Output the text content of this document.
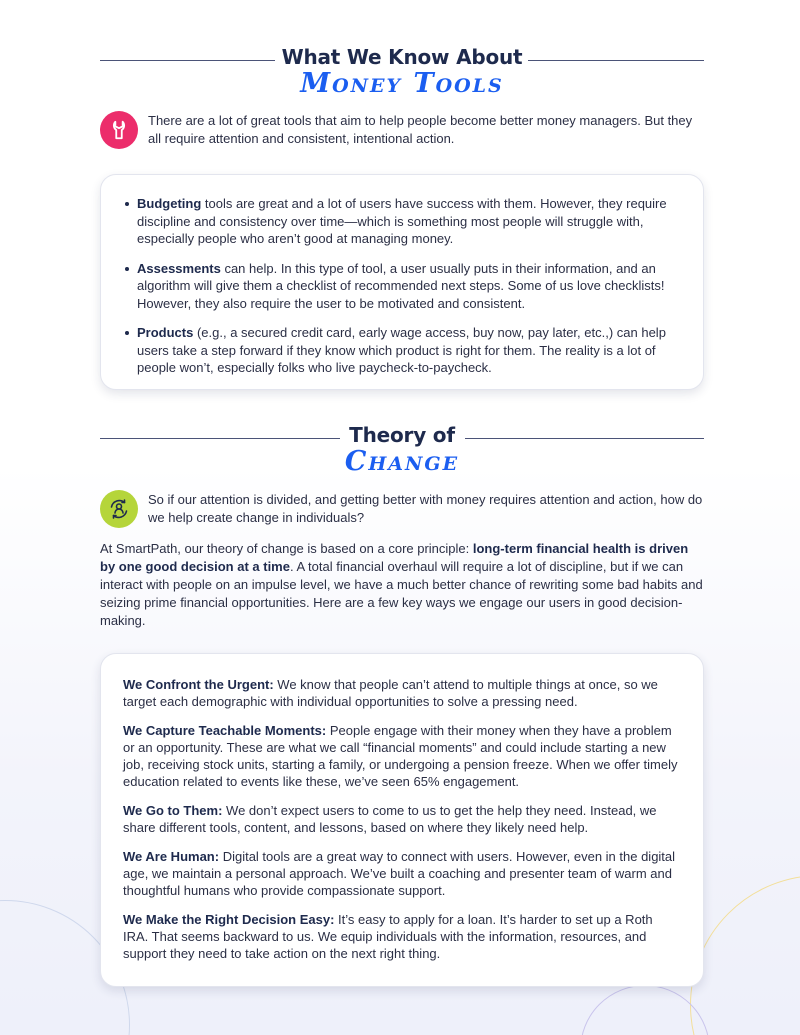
What We Know About
Money Tools

There are a lot of great tools that aim to help people become better money managers. But they all require attention and consistent, intentional action.

Budgeting tools are great and a lot of users have success with them. However, they require discipline and consistency over time—which is something most people will struggle with, especially people who aren’t good at managing money.
Assessments can help. In this type of tool, a user usually puts in their information, and an algorithm will give them a checklist of recommended next steps. Some of us love checklists! However, they also require the user to be motivated and consistent.
Products (e.g., a secured credit card, early wage access, buy now, pay later, etc.,) can help users take a step forward if they know which product is right for them. The reality is a lot of people won’t, especially folks who live paycheck-to-paycheck.
Theory of
Change

So if our attention is divided, and getting better with money requires attention and action, how do we help create change in individuals?

At SmartPath, our theory of change is based on a core principle: long-term financial health is driven by one good decision at a time. A total financial overhaul will require a lot of discipline, but if we can interact with people on an impulse level, we have a much better chance of rewriting some bad habits and seizing prime financial opportunities. Here are a few key ways we engage our users in good decision-making.

We Confront the Urgent: We know that people can’t attend to multiple things at once, so we target each demographic with individual opportunities to solve a pressing need.

We Capture Teachable Moments: People engage with their money when they have a problem or an opportunity. These are what we call “financial moments” and could include starting a new job, receiving stock units, starting a family, or undergoing a pension freeze. When we offer timely education related to events like these, we’ve seen 65% engagement.

We Go to Them: We don’t expect users to come to us to get the help they need. Instead, we share different tools, content, and lessons, based on where they likely need help.

We Are Human: Digital tools are a great way to connect with users. However, even in the digital age, we maintain a personal approach. We’ve built a coaching and presenter team of warm and thoughtful humans who provide compassionate support.

We Make the Right Decision Easy: It’s easy to apply for a loan. It’s harder to set up a Roth IRA. That seems backward to us. We equip individuals with the information, resources, and support they need to take action on the next right thing.
